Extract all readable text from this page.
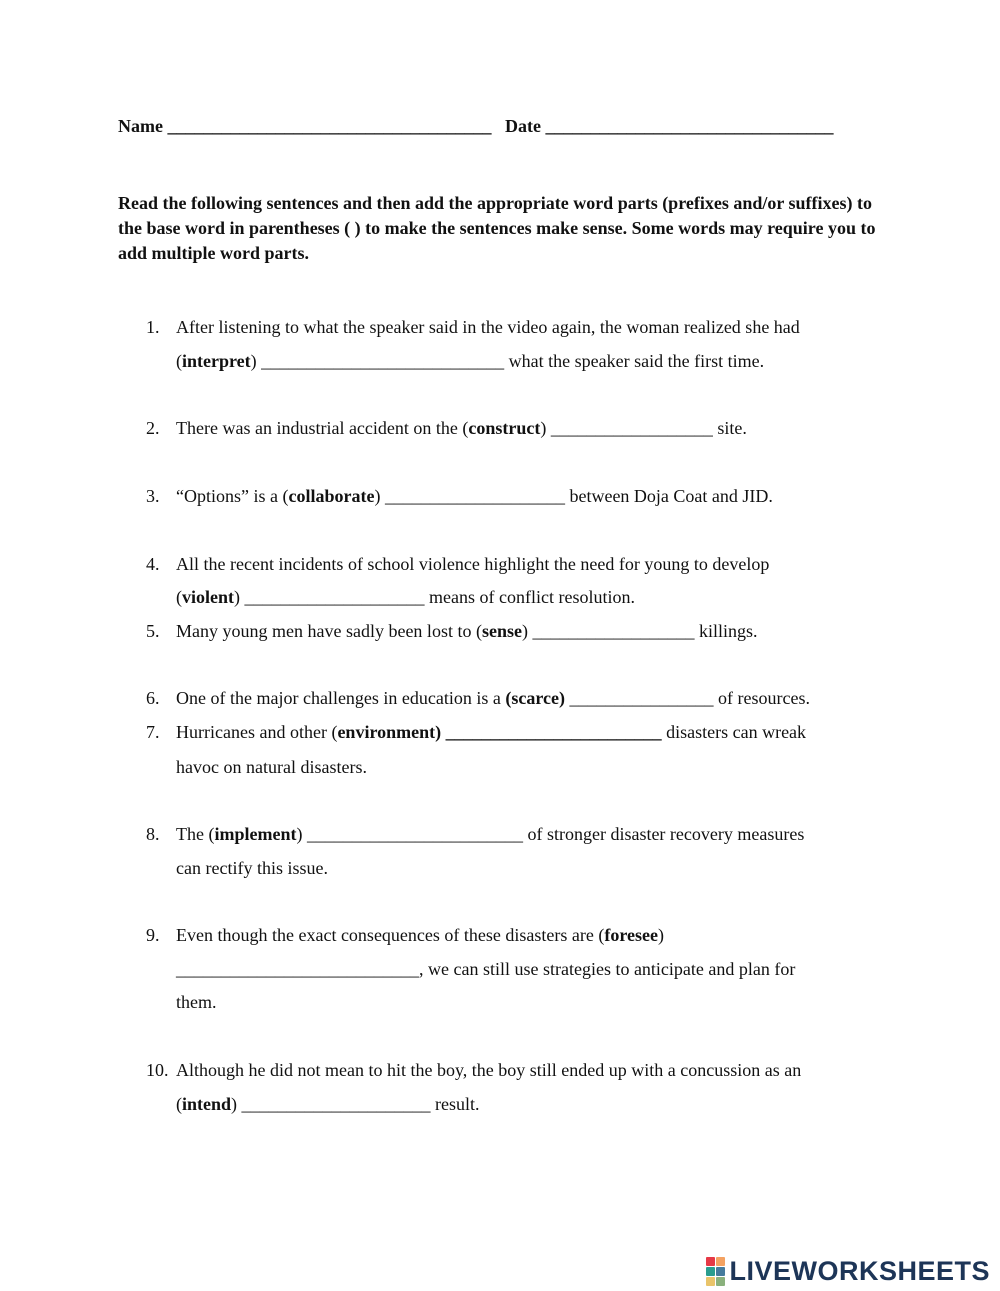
Name ____________________________________ Date ________________________________
Read the following sentences and then add the appropriate word parts (prefixes and/or suffixes) to the base word in parentheses ( ) to make the sentences make sense. Some words may require you to add multiple word parts.
1. After listening to what the speaker said in the video again, the woman realized she had
(interpret) ___________________________ what the speaker said the first time.
2. There was an industrial accident on the (construct) __________________ site.
3. “Options” is a (collaborate) ____________________ between Doja Coat and JID.
4. All the recent incidents of school violence highlight the need for young to develop
(violent) ____________________ means of conflict resolution.
5. Many young men have sadly been lost to (sense) __________________ killings.
6. One of the major challenges in education is a (scarce) ________________ of resources.
7. Hurricanes and other (environment) ________________________ disasters can wreak
havoc on natural disasters.
8. The (implement) ________________________ of stronger disaster recovery measures
can rectify this issue.
9. Even though the exact consequences of these disasters are (foresee)
___________________________, we can still use strategies to anticipate and plan for
them.
10. Although he did not mean to hit the boy, the boy still ended up with a concussion as an
(intend) _____________________ result.
LIVEWORKSHEETS
